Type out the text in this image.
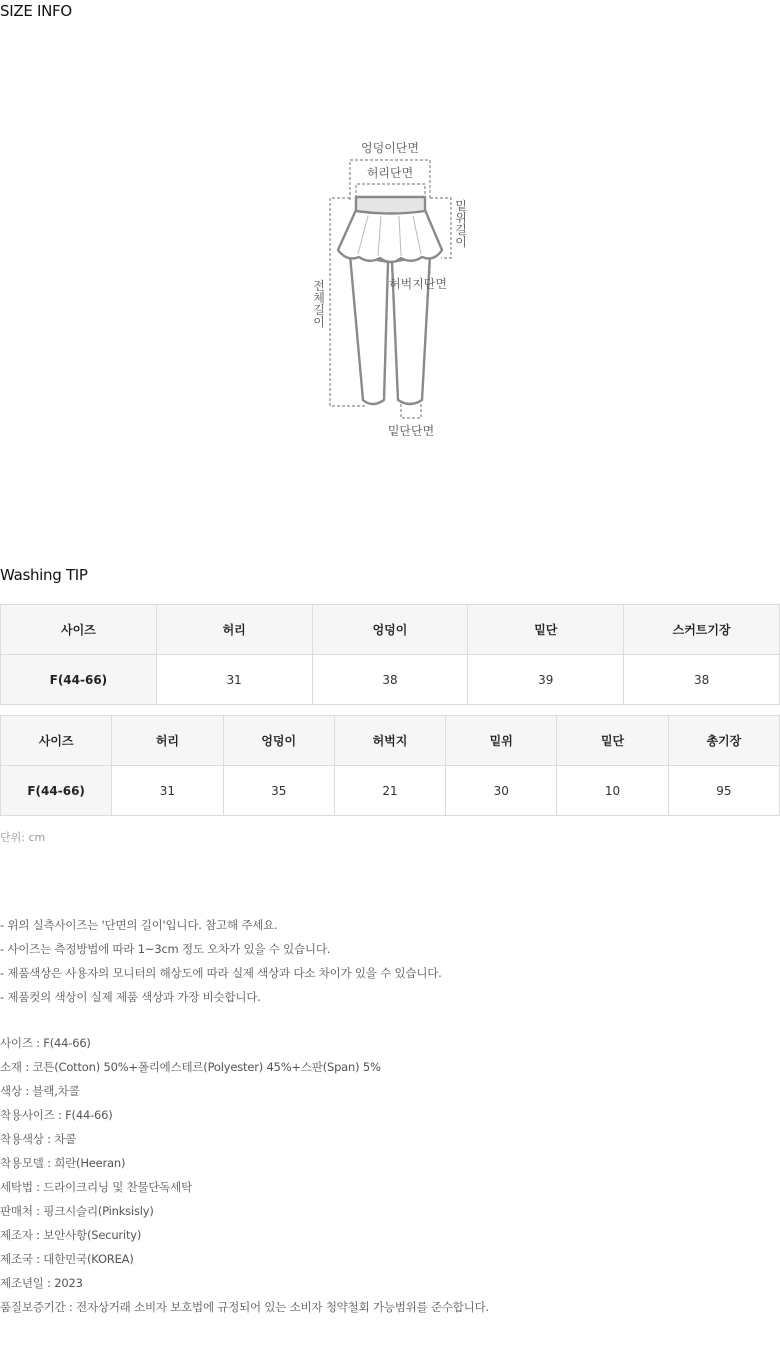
SIZE INFO
엉덩이단면
허리단면
허벅지단면
밑단단면
밑
위
길
이
전
체
길
이
Washing TIP
사이즈	허리	엉덩이	밑단	스커트기장
F(44-66)	31	38	39	38
사이즈	허리	엉덩이	허벅지	밑위	밑단	총기장
F(44-66)	31	35	21	30	10	95
단위: cm
- 위의 실측사이즈는 '단면의 길이'입니다. 참고해 주세요.
- 사이즈는 측정방법에 따라 1~3cm 정도 오차가 있을 수 있습니다.
- 제품색상은 사용자의 모니터의 해상도에 따라 실제 색상과 다소 차이가 있을 수 있습니다.
- 제품컷의 색상이 실제 제품 색상과 가장 비슷합니다.
사이즈 : F(44-66)
소재 : 코튼(Cotton) 50%+폴리에스테르(Polyester) 45%+스판(Span) 5%
색상 : 블랙,차콜
착용사이즈 : F(44-66)
착용색상 : 차콜
착용모델 : 희란(Heeran)
세탁법 : 드라이크리닝 및 찬물단독세탁
판매처 : 핑크시슬리(Pinksisly)
제조자 : 보안사항(Security)
제조국 : 대한민국(KOREA)
제조년일 : 2023
품질보증기간 : 전자상거래 소비자 보호법에 규정되어 있는 소비자 청약철회 가능범위를 준수합니다.
